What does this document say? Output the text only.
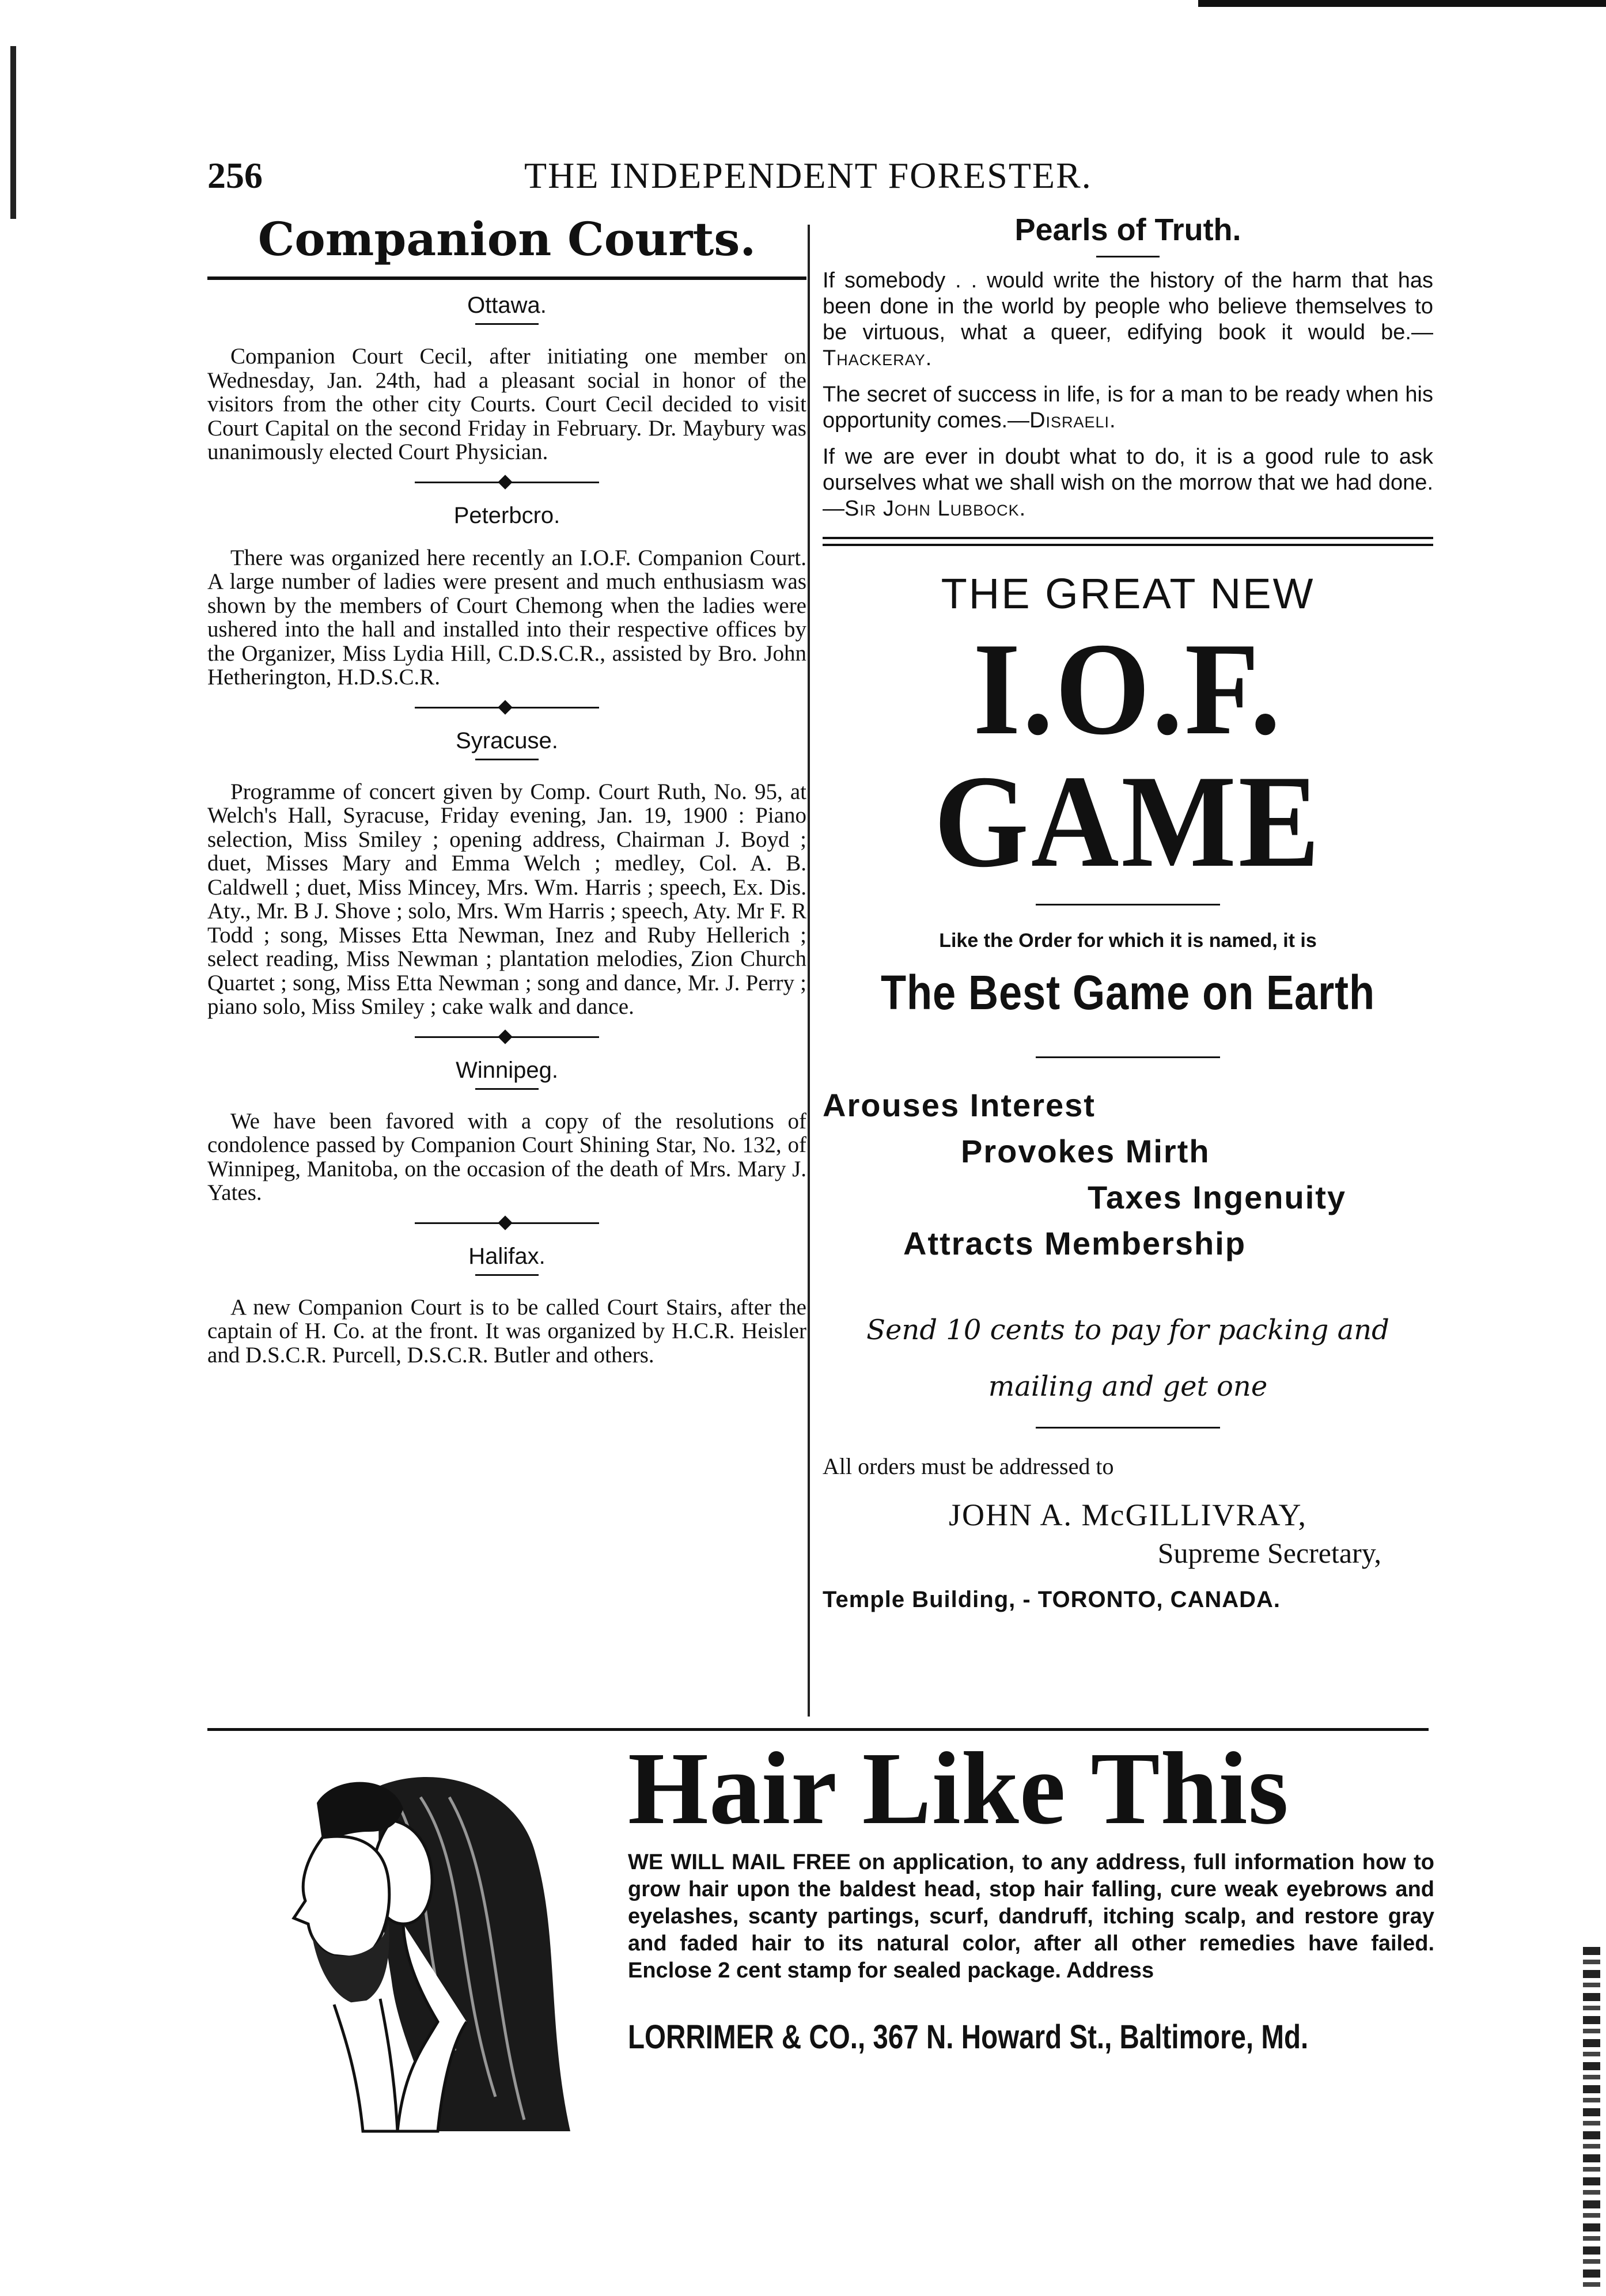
256	THE INDEPENDENT FORESTER.
Companion Courts.
Ottawa.

Companion Court Cecil, after initiating one member on Wednesday, Jan. 24th, had a pleasant social in honor of the visitors from the other city Courts. Court Cecil decided to visit Court Capital on the second Friday in February. Dr. Maybury was unanimously elected Court Physician.

Peterbcro.

There was organized here recently an I.O.F. Companion Court. A large number of ladies were present and much enthusiasm was shown by the members of Court Chemong when the ladies were ushered into the hall and installed into their respective offices by the Organizer, Miss Lydia Hill, C.D.S.C.R., assisted by Bro. John Hetherington, H.D.S.C.R.

Syracuse.

Programme of concert given by Comp. Court Ruth, No. 95, at Welch's Hall, Syracuse, Friday evening, Jan. 19, 1900 : Piano selection, Miss Smiley ; opening address, Chairman J. Boyd ; duet, Misses Mary and Emma Welch ; medley, Col. A. B. Caldwell ; duet, Miss Mincey, Mrs. Wm. Harris ; speech, Ex. Dis. Aty., Mr. B J. Shove ; solo, Mrs. Wm Harris ; speech, Aty. Mr F. R Todd ; song, Misses Etta Newman, Inez and Ruby Hellerich ; select reading, Miss Newman ; plantation melodies, Zion Church Quartet ; song, Miss Etta Newman ; song and dance, Mr. J. Perry ; piano solo, Miss Smiley ; cake walk and dance.

Winnipeg.

We have been favored with a copy of the resolutions of condolence passed by Companion Court Shining Star, No. 132, of Winnipeg, Manitoba, on the occasion of the death of Mrs. Mary J. Yates.

Halifax.

A new Companion Court is to be called Court Stairs, after the captain of H. Co. at the front. It was organized by H.C.R. Heisler and D.S.C.R. Purcell, D.S.C.R. Butler and others.

Pearls of Truth.

If somebody . . would write the history of the harm that has been done in the world by people who believe themselves to be virtuous, what a queer, edifying book it would be.—Thackeray.

The secret of success in life, is for a man to be ready when his opportunity comes.—Disraeli.

If we are ever in doubt what to do, it is a good rule to ask ourselves what we shall wish on the morrow that we had done.—Sir John Lubbock.

THE GREAT NEW
I.O.F. GAME
Like the Order for which it is named, it is
The Best Game on Earth

Arouses Interest

Provokes Mirth

Taxes Ingenuity

Attracts Membership

Send 10 cents to pay for packing and
mailing and get one

All orders must be addressed to

JOHN A. McGILLIVRAY,

Supreme Secretary,

Temple Building, - TORONTO, CANADA.

Hair Like This

WE WILL MAIL FREE on application, to any address, full information how to grow hair upon the baldest head, stop hair falling, cure weak eyebrows and eyelashes, scanty partings, scurf, dandruff, itching scalp, and restore gray and faded hair to its natural color, after all other remedies have failed. Enclose 2 cent stamp for sealed package. Address

LORRIMER & CO., 367 N. Howard St., Baltimore, Md.
